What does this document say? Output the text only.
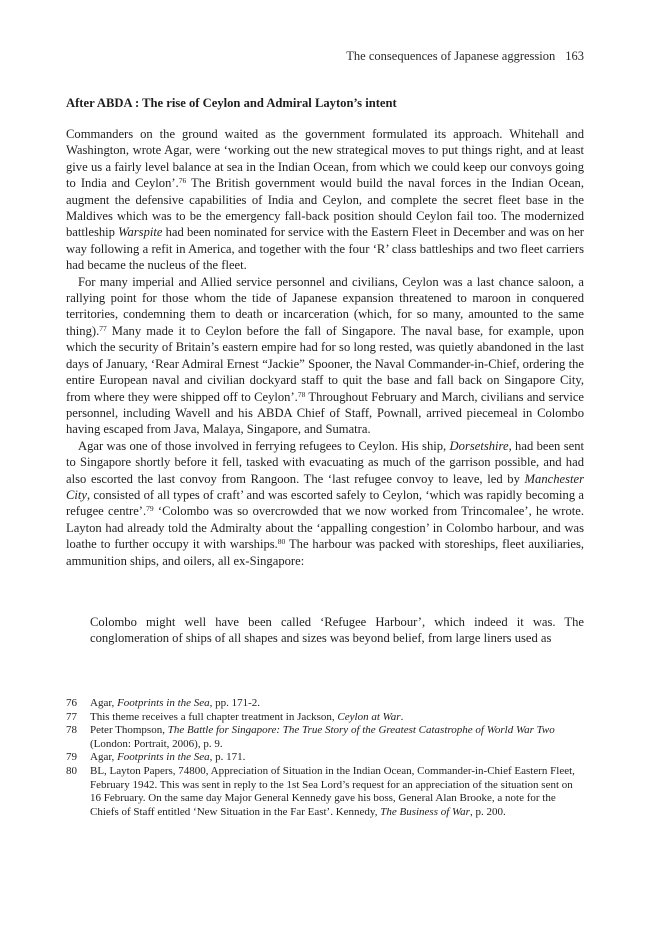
The consequences of Japanese aggression 163
After ABDA : The rise of Ceylon and Admiral Layton’s intent

Commanders on the ground waited as the government formulated its approach. Whitehall and Washington, wrote Agar, were ‘working out the new strategical moves to put things right, and at least give us a fairly level balance at sea in the Indian Ocean, from which we could keep our convoys going to India and Ceylon’.$^{76}$ The British government would build the naval forces in the Indian Ocean, augment the defensive capabilities of India and Ceylon, and complete the secret fleet base in the Maldives which was to be the emergency fall-back position should Ceylon fail too. The modernized battleship Warspite had been nominated for service with the Eastern Fleet in December and was on her way following a refit in America, and together with the four ‘R’ class battleships and two fleet carriers had became the nucleus of the fleet.

For many imperial and Allied service personnel and civilians, Ceylon was a last chance saloon, a rallying point for those whom the tide of Japanese expansion threatened to maroon in conquered territories, condemning them to death or incarceration (which, for so many, amounted to the same thing).$^{77}$ Many made it to Ceylon before the fall of Singapore. The naval base, for example, upon which the security of Britain’s eastern empire had for so long rested, was quietly abandoned in the last days of January, ‘Rear Admiral Ernest “Jackie” Spooner, the Naval Commander-in-Chief, ordering the entire European naval and civilian dockyard staff to quit the base and fall back on Singapore City, from where they were shipped off to Ceylon’.$^{78}$ Throughout February and March, civilians and service personnel, including Wavell and his ABDA Chief of Staff, Pownall, arrived piecemeal in Colombo having escaped from Java, Malaya, Singapore, and Sumatra.

Agar was one of those involved in ferrying refugees to Ceylon. His ship, Dorsetshire, had been sent to Singapore shortly before it fell, tasked with evacuating as much of the garrison possible, and had also escorted the last convoy from Rangoon. The ‘last refugee convoy to leave, led by Manchester City, consisted of all types of craft’ and was escorted safely to Ceylon, ‘which was rapidly becoming a refugee centre’.$^{79}$ ‘Colombo was so overcrowded that we now worked from Trincomalee’, he wrote. Layton had already told the Admiralty about the ‘appalling congestion’ in Colombo harbour, and was loathe to further occupy it with warships.$^{80}$ The harbour was packed with storeships, fleet auxiliaries, ammunition ships, and oilers, all ex-Singapore:

Colombo might well have been called ‘Refugee Harbour’, which indeed it was. The conglomeration of ships of all shapes and sizes was beyond belief, from large liners used as

76	Agar, Footprints in the Sea, pp. 171-2.
77	This theme receives a full chapter treatment in Jackson, Ceylon at War.
78	Peter Thompson, The Battle for Singapore: The True Story of the Greatest Catastrophe of World War Two (London: Portrait, 2006), p. 9.
79	Agar, Footprints in the Sea, p. 171.
80	BL, Layton Papers, 74800, Appreciation of Situation in the Indian Ocean, Commander-in-Chief Eastern Fleet, February 1942. This was sent in reply to the 1st Sea Lord’s request for an appreciation of the situation sent on 16 February. On the same day Major General Kennedy gave his boss, General Alan Brooke, a note for the Chiefs of Staff entitled ‘New Situation in the Far East’. Kennedy, The Business of War, p. 200.
